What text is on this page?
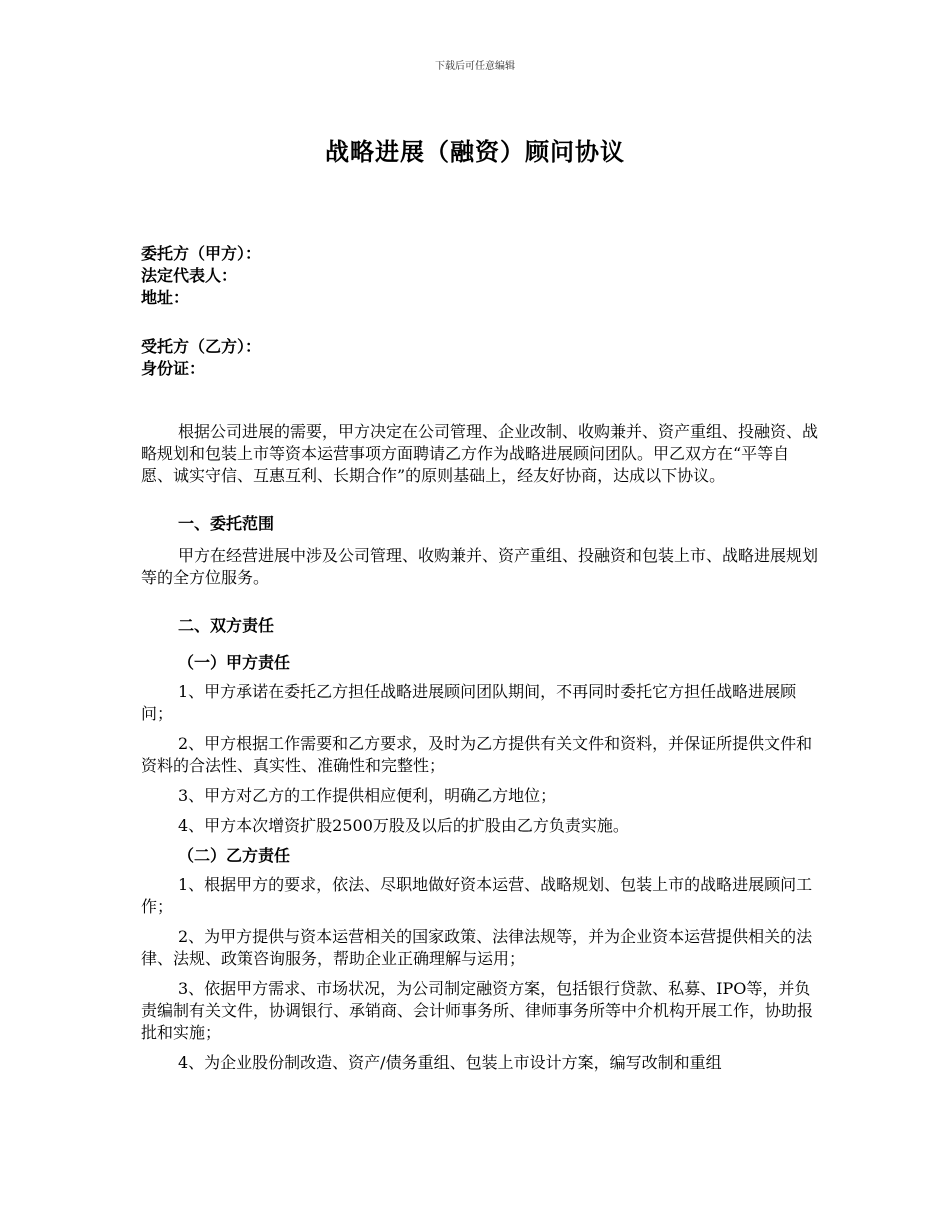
下载后可任意编辑
战略进展（融资）顾问协议
委托方（甲方）：
法定代表人：
地址：
受托方（乙方）：
身份证：

根据公司进展的需要，甲方决定在公司管理、企业改制、收购兼并、资产重组、投融资、战略规划和包装上市等资本运营事项方面聘请乙方作为战略进展顾问团队。甲乙双方在“平等自愿、诚实守信、互惠互利、长期合作”的原则基础上，经友好协商，达成以下协议。

一、委托范围

甲方在经营进展中涉及公司管理、收购兼并、资产重组、投融资和包装上市、战略进展规划等的全方位服务。

二、双方责任

（一）甲方责任

1、甲方承诺在委托乙方担任战略进展顾问团队期间，不再同时委托它方担任战略进展顾问；

2、甲方根据工作需要和乙方要求，及时为乙方提供有关文件和资料，并保证所提供文件和资料的合法性、真实性、准确性和完整性；

3、甲方对乙方的工作提供相应便利，明确乙方地位；

4、甲方本次增资扩股2500万股及以后的扩股由乙方负责实施。

（二）乙方责任

1、根据甲方的要求，依法、尽职地做好资本运营、战略规划、包装上市的战略进展顾问工作；

2、为甲方提供与资本运营相关的国家政策、法律法规等，并为企业资本运营提供相关的法律、法规、政策咨询服务，帮助企业正确理解与运用；

3、依据甲方需求、市场状况，为公司制定融资方案，包括银行贷款、私募、IPO等，并负责编制有关文件，协调银行、承销商、会计师事务所、律师事务所等中介机构开展工作，协助报批和实施；

4、为企业股份制改造、资产/债务重组、包装上市设计方案，编写改制和重组
